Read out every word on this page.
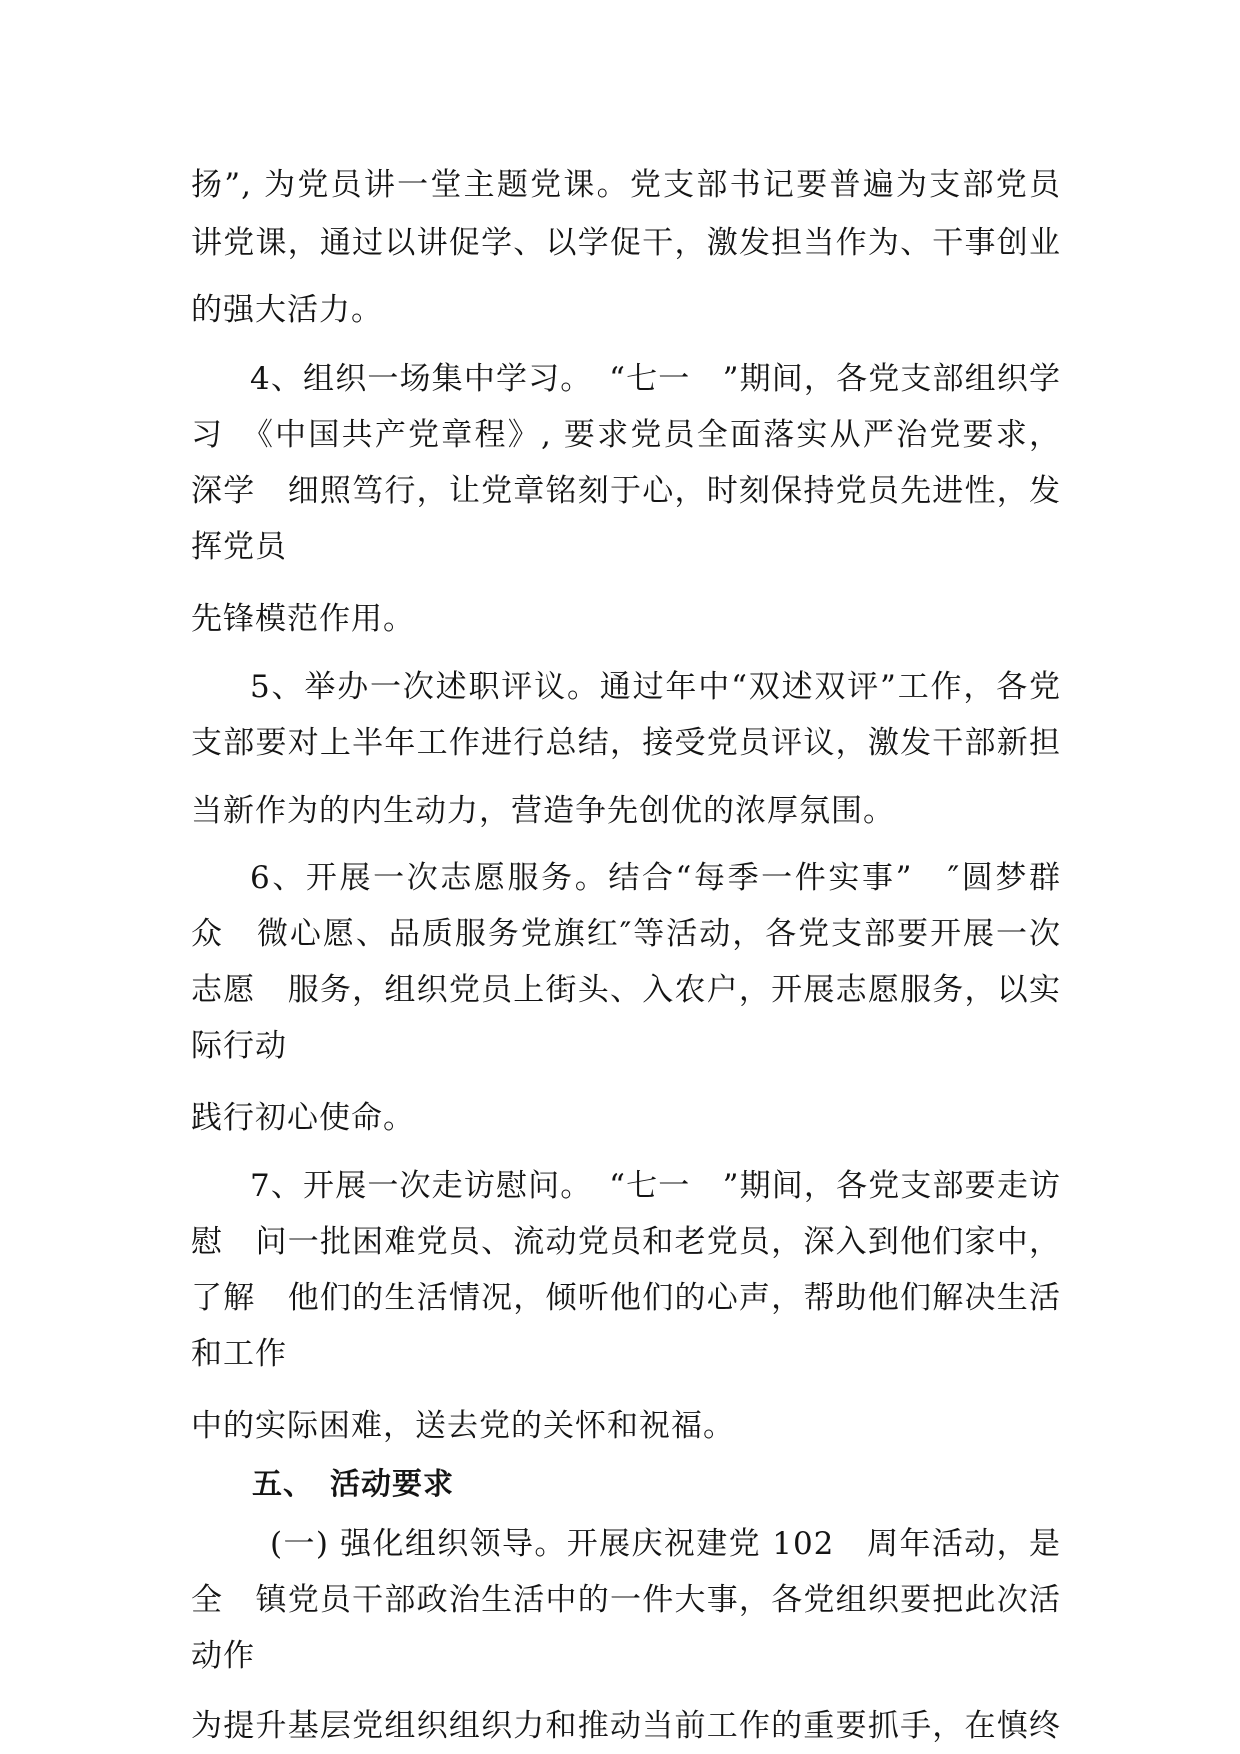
扬”, 为党员讲一堂主题党课。党支部书记要普遍为支部党员
讲党课，通过以讲促学、以学促干，激发担当作为、干事创业
的强大活力。
4、组织一场集中学习。　“七一　”期间，各党支部组织学
习　《中国共产党章程》, 要求党员全面落实从严治党要求，
深学　细照笃行，让党章铭刻于心，时刻保持党员先进性，发
挥党员
先锋模范作用。
5、举办一次述职评议。通过年中“双述双评”工作，各党
支部要对上半年工作进行总结，接受党员评议，激发干部新担
当新作为的内生动力，营造争先创优的浓厚氛围。
6、开展一次志愿服务。结合“每季一件实事”　″圆梦群
众　微心愿、品质服务党旗红″等活动，各党支部要开展一次
志愿　服务，组织党员上街头、入农户，开展志愿服务，以实
际行动
践行初心使命。
7、开展一次走访慰问。　“七一　”期间，各党支部要走访
慰　问一批困难党员、流动党员和老党员，深入到他们家中，
了解　他们的生活情况，倾听他们的心声，帮助他们解决生活
和工作
中的实际困难，送去党的关怀和祝福。
五、　活动要求
(一) 强化组织领导。开展庆祝建党 102　周年活动，是
全　镇党员干部政治生活中的一件大事，各党组织要把此次活
动作
为提升基层党组织组织力和推动当前工作的重要抓手，在慎终
